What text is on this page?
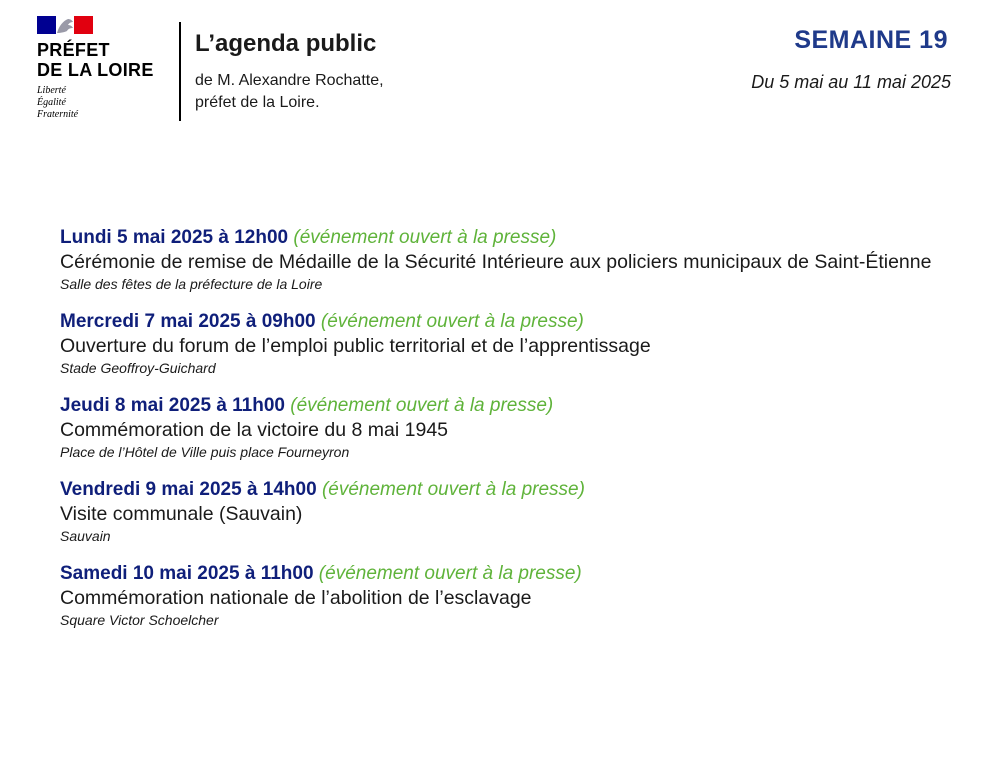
PRÉFET
DE LA LOIRE
Liberté
Égalité
Fraternité
L’agenda public
de M. Alexandre Rochatte,
préfet de la Loire.
SEMAINE 19
Du 5 mai au 11 mai 2025
Lundi 5 mai 2025 à 12h00 (événement ouvert à la presse)
Cérémonie de remise de Médaille de la Sécurité Intérieure aux policiers municipaux de Saint-Étienne
Salle des fêtes de la préfecture de la Loire
Mercredi 7 mai 2025 à 09h00 (événement ouvert à la presse)
Ouverture du forum de l’emploi public territorial et de l’apprentissage
Stade Geoffroy-Guichard
Jeudi 8 mai 2025 à 11h00 (événement ouvert à la presse)
Commémoration de la victoire du 8 mai 1945
Place de l’Hôtel de Ville puis place Fourneyron
Vendredi 9 mai 2025 à 14h00 (événement ouvert à la presse)
Visite communale (Sauvain)
Sauvain
Samedi 10 mai 2025 à 11h00 (événement ouvert à la presse)
Commémoration nationale de l’abolition de l’esclavage
Square Victor Schoelcher
